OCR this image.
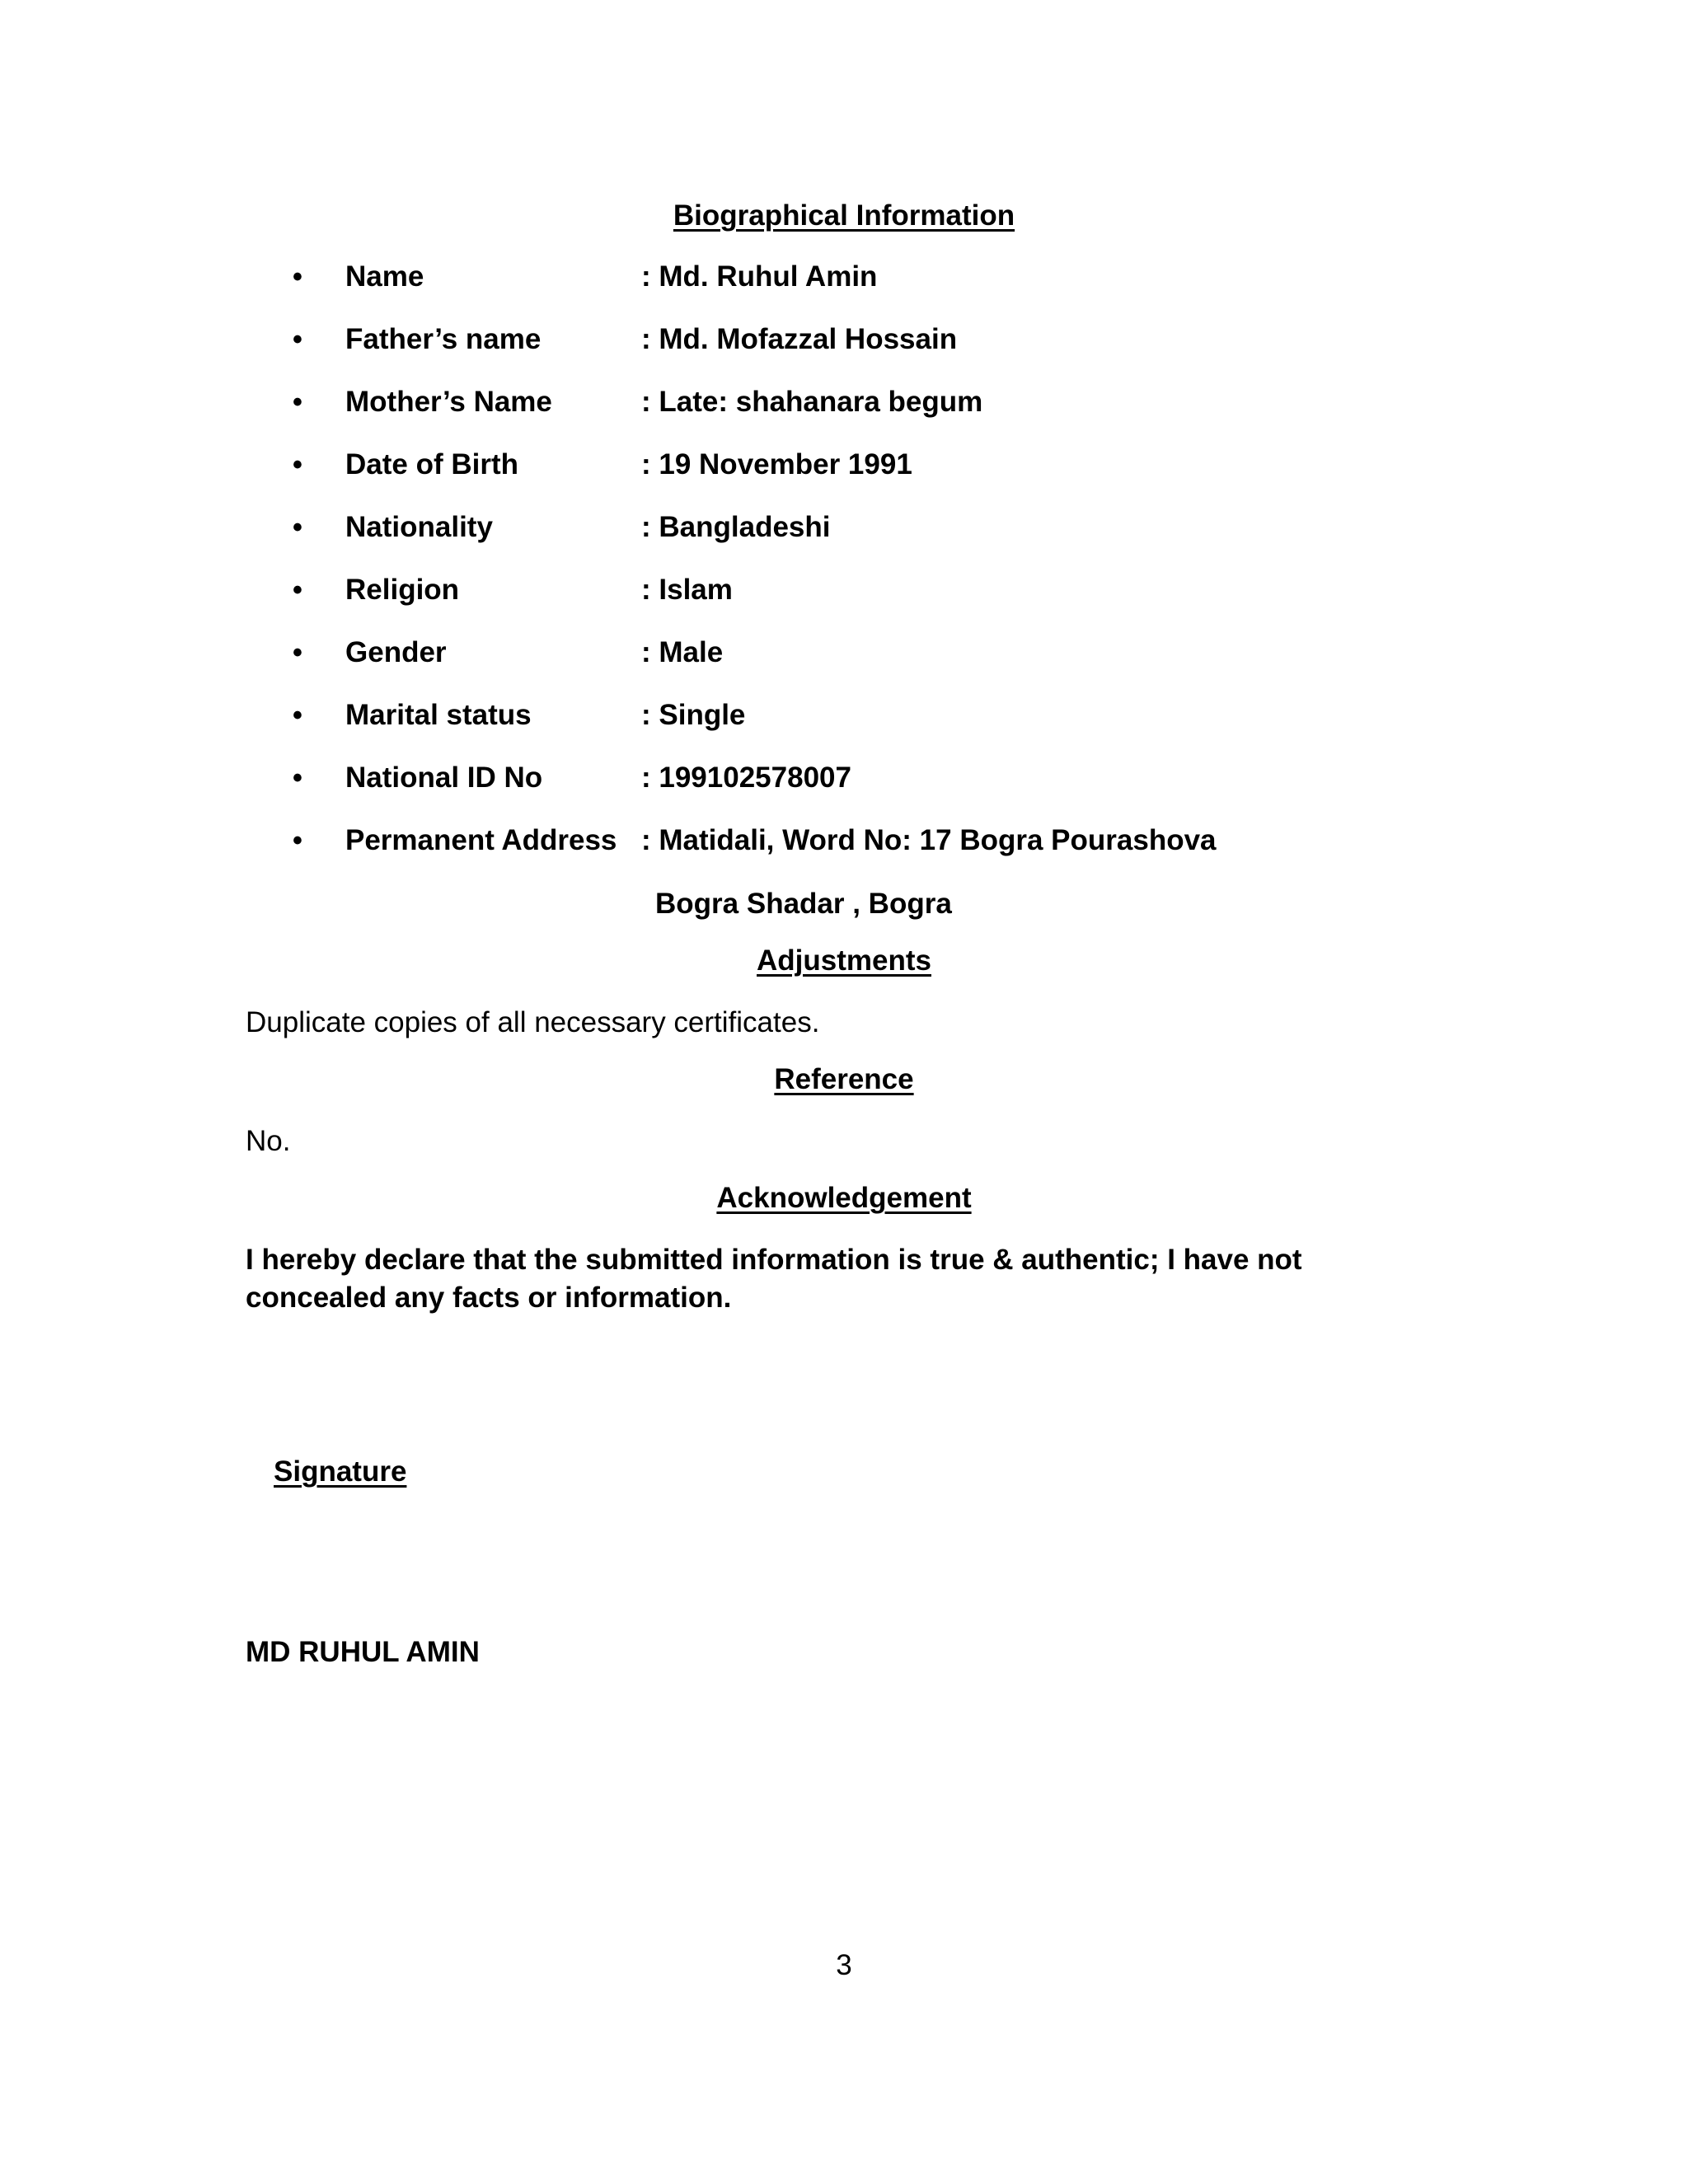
Biographical Information
• Name	: Md. Ruhul Amin
• Father’s name	: Md. Mofazzal Hossain
• Mother’s Name	: Late: shahanara begum
• Date of Birth	: 19 November 1991
• Nationality	: Bangladeshi
• Religion	: Islam
• Gender	: Male
• Marital status	: Single
• National ID No	: 199102578007
• Permanent Address : Matidali, Word No: 17 Bogra Pourashova
Bogra Shadar , Bogra
Adjustments

Duplicate copies of all necessary certificates.

Reference

No.

Acknowledgement

I hereby declare that the submitted information is true & authentic; I have not concealed any facts or information.

Signature
MD RUHUL AMIN
3
